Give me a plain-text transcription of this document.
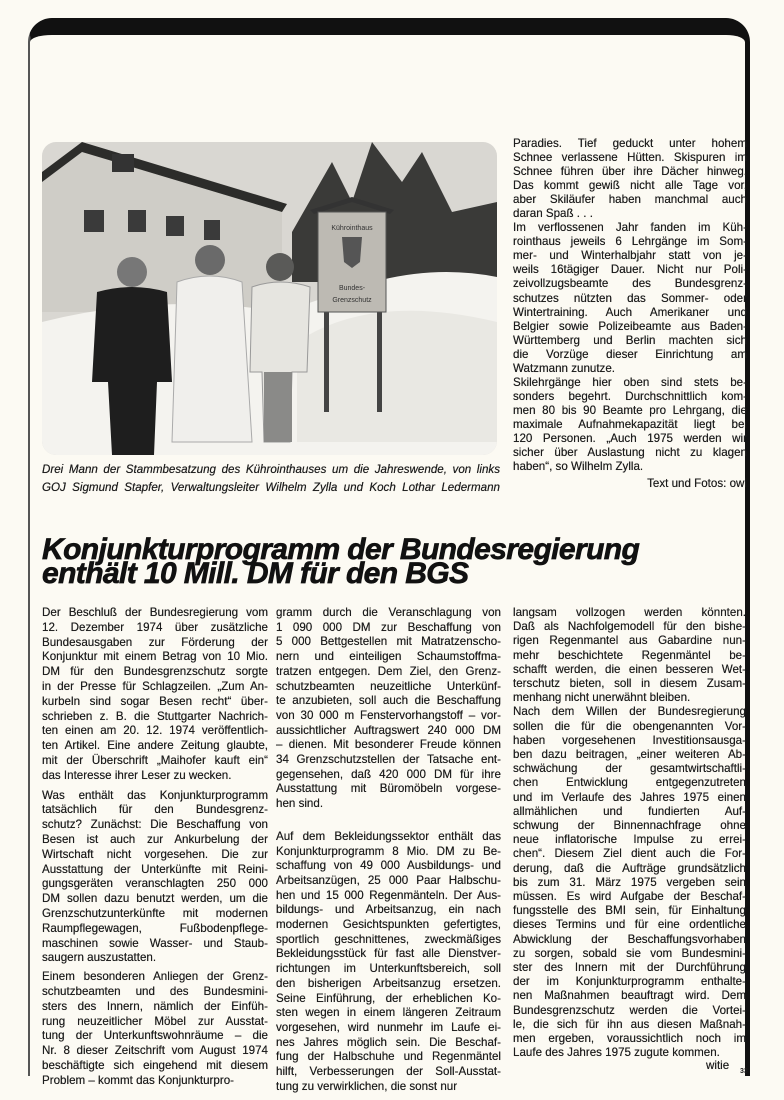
Kührointhaus
Bundes-
Grenzschutz
Drei Mann der Stammbesatzung des Kührointhauses um die Jahreswende, von links
GOJ Sigmund Stapfer, Verwaltungsleiter Wilhelm Zylla und Koch Lothar Ledermann
Paradies. Tief geduckt unter hohem
Schnee verlassene Hütten. Skispuren im
Schnee führen über ihre Dächer hinweg.
Das kommt gewiß nicht alle Tage vor,
aber Skiläufer haben manchmal auch
daran Spaß . . .
Im verflossenen Jahr fanden im Küh-
rointhaus jeweils 6 Lehrgänge im Som-
mer- und Winterhalbjahr statt von je-
weils 16tägiger Dauer. Nicht nur Poli-
zeivollzugsbeamte des Bundesgrenz-
schutzes nützten das Sommer- oder
Wintertraining. Auch Amerikaner und
Belgier sowie Polizeibeamte aus Baden-
Württemberg und Berlin machten sich
die Vorzüge dieser Einrichtung am
Watzmann zunutze.
Skilehrgänge hier oben sind stets be-
sonders begehrt. Durchschnittlich kom-
men 80 bis 90 Beamte pro Lehrgang, die
maximale Aufnahmekapazität liegt bei
120 Personen. „Auch 1975 werden wir
sicher über Auslastung nicht zu klagen
haben“, so Wilhelm Zylla.
Text und Fotos: owi
Konjunkturprogramm der Bundesregierung
enthält 10 Mill. DM für den BGS
Der Beschluß der Bundesregierung vom
12. Dezember 1974 über zusätzliche
Bundesausgaben zur Förderung der
Konjunktur mit einem Betrag von 10 Mio.
DM für den Bundesgrenzschutz sorgte
in der Presse für Schlagzeilen. „Zum An-
kurbeln sind sogar Besen recht“ über-
schrieben z. B. die Stuttgarter Nachrich-
ten einen am 20. 12. 1974 veröffentlich-
ten Artikel. Eine andere Zeitung glaubte,
mit der Überschrift „Maihofer kauft ein“
das Interesse ihrer Leser zu wecken.
Was enthält das Konjunkturprogramm
tatsächlich für den Bundesgrenz-
schutz? Zunächst: Die Beschaffung von
Besen ist auch zur Ankurbelung der
Wirtschaft nicht vorgesehen. Die zur
Ausstattung der Unterkünfte mit Reini-
gungsgeräten veranschlagten 250 000
DM sollen dazu benutzt werden, um die
Grenzschutzunterkünfte mit modernen
Raumpflegewagen, Fußbodenpflege-
maschinen sowie Wasser- und Staub-
saugern auszustatten.
Einem besonderen Anliegen der Grenz-
schutzbeamten und des Bundesmini-
sters des Innern, nämlich der Einfüh-
rung neuzeitlicher Möbel zur Ausstat-
tung der Unterkunftswohnräume – die
Nr. 8 dieser Zeitschrift vom August 1974
beschäftigte sich eingehend mit diesem
Problem – kommt das Konjunkturpro-
gramm durch die Veranschlagung von
1 090 000 DM zur Beschaffung von
5 000 Bettgestellen mit Matratzenscho-
nern und einteiligen Schaumstoffma-
tratzen entgegen. Dem Ziel, den Grenz-
schutzbeamten neuzeitliche Unterkünf-
te anzubieten, soll auch die Beschaffung
von 30 000 m Fenstervorhangstoff – vor-
aussichtlicher Auftragswert 240 000 DM
– dienen. Mit besonderer Freude können
34 Grenzschutzstellen der Tatsache ent-
gegensehen, daß 420 000 DM für ihre
Ausstattung mit Büromöbeln vorgese-
hen sind.
Auf dem Bekleidungssektor enthält das
Konjunkturprogramm 8 Mio. DM zu Be-
schaffung von 49 000 Ausbildungs- und
Arbeitsanzügen, 25 000 Paar Halbschu-
hen und 15 000 Regenmänteln. Der Aus-
bildungs- und Arbeitsanzug, ein nach
modernen Gesichtspunkten gefertigtes,
sportlich geschnittenes, zweckmäßiges
Bekleidungsstück für fast alle Dienstver-
richtungen im Unterkunftsbereich, soll
den bisherigen Arbeitsanzug ersetzen.
Seine Einführung, der erheblichen Ko-
sten wegen in einem längeren Zeitraum
vorgesehen, wird nunmehr im Laufe ei-
nes Jahres möglich sein. Die Beschaf-
fung der Halbschuhe und Regenmäntel
hilft, Verbesserungen der Soll-Ausstat-
tung zu verwirklichen, die sonst nur
langsam vollzogen werden könnten.
Daß als Nachfolgemodell für den bishe-
rigen Regenmantel aus Gabardine nun-
mehr beschichtete Regenmäntel be-
schafft werden, die einen besseren Wet-
terschutz bieten, soll in diesem Zusam-
menhang nicht unerwähnt bleiben.
Nach dem Willen der Bundesregierung
sollen die für die obengenannten Vor-
haben vorgesehenen Investitionsausga-
ben dazu beitragen, „einer weiteren Ab-
schwächung der gesamtwirtschaftli-
chen Entwicklung entgegenzutreten
und im Verlaufe des Jahres 1975 einen
allmählichen und fundierten Auf-
schwung der Binnennachfrage ohne
neue inflatorische Impulse zu errei-
chen“. Diesem Ziel dient auch die For-
derung, daß die Aufträge grundsätzlich
bis zum 31. März 1975 vergeben sein
müssen. Es wird Aufgabe der Beschaf-
fungsstelle des BMI sein, für Einhaltung
dieses Termins und für eine ordentliche
Abwicklung der Beschaffungsvorhaben
zu sorgen, sobald sie vom Bundesmini-
ster des Innern mit der Durchführung
der im Konjunkturprogramm enthalte-
nen Maßnahmen beauftragt wird. Dem
Bundesgrenzschutz werden die Vortei-
le, die sich für ihn aus diesen Maßnah-
men ergeben, voraussichtlich noch im
Laufe des Jahres 1975 zugute kommen.
witie 33
